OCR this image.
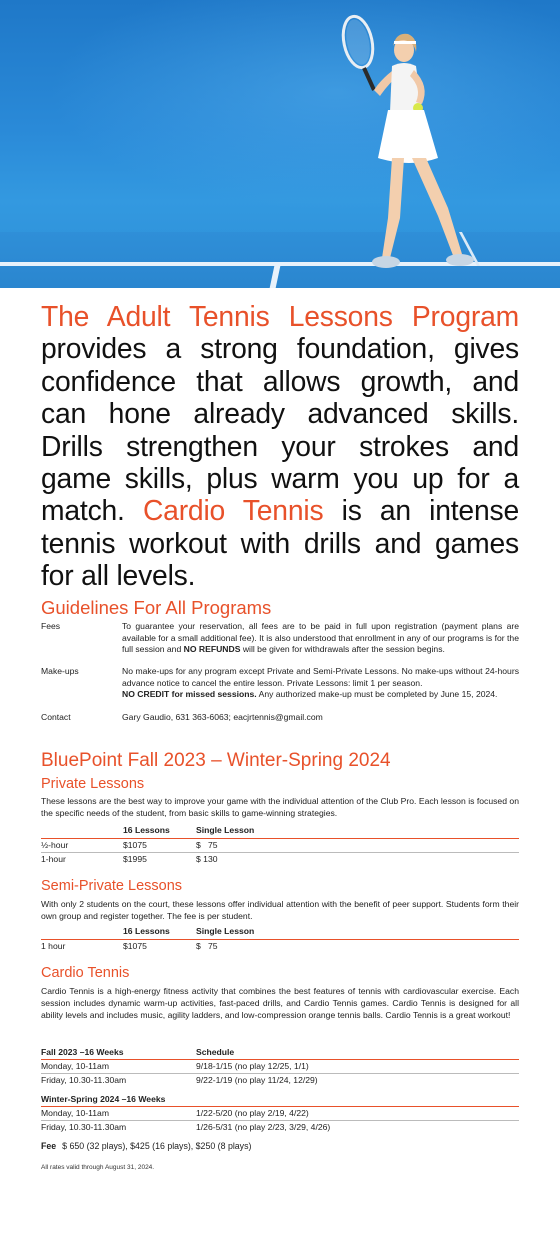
The Adult Tennis Lessons Program provides a strong foundation, gives confidence that allows growth, and can hone already advanced skills. Drills strengthen your strokes and game skills, plus warm you up for a match. Cardio Tennis is an intense tennis workout with drills and games for all levels.
Guidelines For All Programs
Fees	To guarantee your reservation, all fees are to be paid in full upon registration (payment plans are available for a small additional fee). It is also understood that enrollment in any of our programs is for the full session and NO REFUNDS will be given for withdrawals after the session begins.
Make-ups	No make-ups for any program except Private and Semi-Private Lessons. No make-ups without 24-hours advance notice to cancel the entire lesson. Private Lessons: limit 1 per season.
NO CREDIT for missed sessions. Any authorized make-up must be completed by June 15, 2024.
Contact	Gary Gaudio, 631 363-6063; eacjrtennis@gmail.com
BluePoint Fall 2023 – Winter-Spring 2024
Private Lessons
These lessons are the best way to improve your game with the individual attention of the Club Pro. Each lesson is focused on the specific needs of the student, from basic skills to game-winning strategies.
16 Lessons	Single Lesson
½-hour	$1075	$   75
1-hour	$1995	$ 130
Semi-Private Lessons
With only 2 students on the court, these lessons offer individual attention with the benefit of peer support. Students form their own group and register together. The fee is per student.
16 Lessons	Single Lesson
1 hour	$1075	$   75
Cardio Tennis
Cardio Tennis is a high-energy fitness activity that combines the best features of tennis with cardiovascular exercise. Each session includes dynamic warm-up activities, fast-paced drills, and Cardio Tennis games. Cardio Tennis is designed for all ability levels and includes music, agility ladders, and low-compression orange tennis balls. Cardio Tennis is a great workout!
Fall 2023 –16 Weeks	Schedule
Monday, 10-11am	9/18-1/15 (no play 12/25, 1/1)
Friday, 10.30-11.30am	9/22-1/19 (no play 11/24, 12/29)
Winter-Spring 2024 –16 Weeks
Monday, 10-11am	1/22-5/20 (no play 2/19, 4/22)
Friday, 10.30-11.30am	1/26-5/31 (no play 2/23, 3/29, 4/26)
Fee $ 650 (32 plays), $425 (16 plays), $250 (8 plays)
All rates valid through August 31, 2024.
